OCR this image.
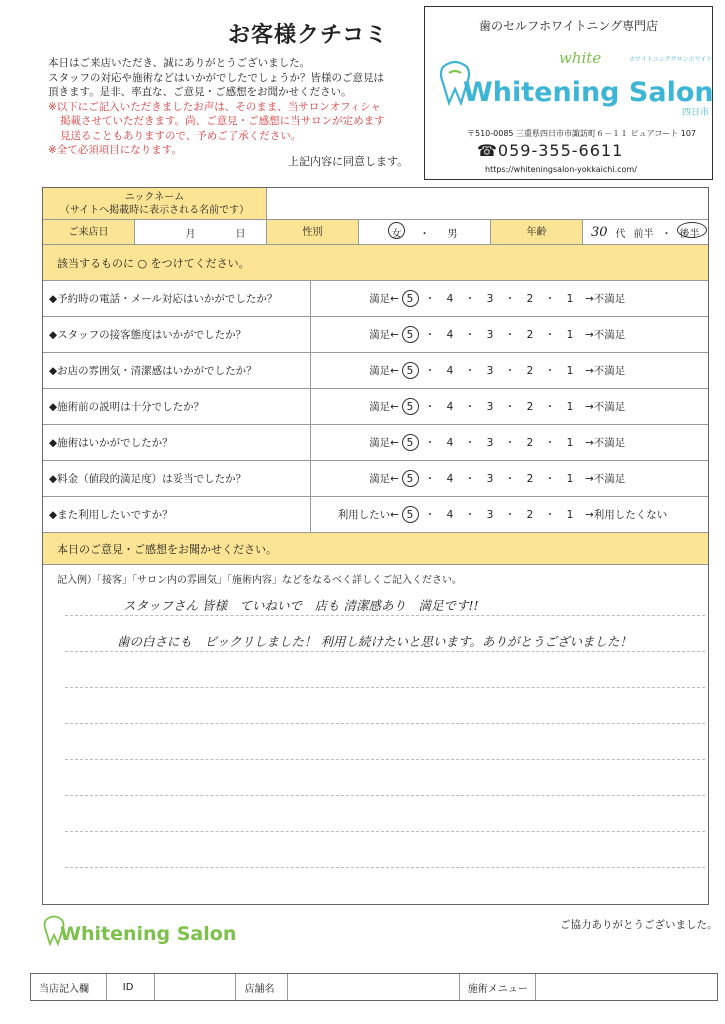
お客様クチコミ
本日はご来店いただき、誠にありがとうございました。
スタッフの対応や施術などはいかがでしたでしょうか？皆様のご意見は
頂きます。是非、率直な、ご意見・ご感想をお聞かせください。
※以下にご記入いただきましたお声は、そのまま、当サロンオフィシャ
掲載させていただきます。尚、ご意見・ご感想に当サロンが定めます
見送ることもありますので、予めご了承ください。
※全て必須項目になります。
上記内容に同意します。
歯のセルフホワイトニング専門店
white	ホワイトニングサロンホワイト
Whitening Salon
四日市
〒510-0085 三重県四日市市諏訪町６－１１ ピュアコート 107
☎059-355-6611
https://whiteningsalon-yokkaichi.com/
ニックネーム
（サイトへ掲載時に表示される名前です）
ご来店日	月	日	性別	女 ・ 男	年齢	30 代 前半 ・ 後半
該当するものに ○ をつけてください。
◆予約時の電話・メール対応はいかがでしたか？	満足← 5	・	4	・	3	・	2	・	1	→不満足
◆スタッフの接客態度はいかがでしたか？	満足← 5	・	4	・	3	・	2	・	1	→不満足
◆お店の雰囲気・清潔感はいかがでしたか？	満足← 5	・	4	・	3	・	2	・	1	→不満足
◆施術前の説明は十分でしたか？	満足← 5	・	4	・	3	・	2	・	1	→不満足
◆施術はいかがでしたか？	満足← 5	・	4	・	3	・	2	・	1	→不満足
◆料金（値段的満足度）は妥当でしたか？	満足← 5	・	4	・	3	・	2	・	1	→不満足
◆また利用したいですか？	利用したい← 5	・	4	・	3	・	2	・	1	→利用したくない
本日のご意見・ご感想をお聞かせください。
記入例）「接客」「サロン内の雰囲気」「施術内容」などをなるべく詳しくご記入ください。
スタッフさん 皆様　ていねいで　店も 清潔感あり　満足です!!
歯の白さにも　ビックリしました！ 利用し続けたいと思います。ありがとうございました！
Whitening Salon	ご協力ありがとうございました。
当店記入欄	ID	店舗名	施術メニュー
